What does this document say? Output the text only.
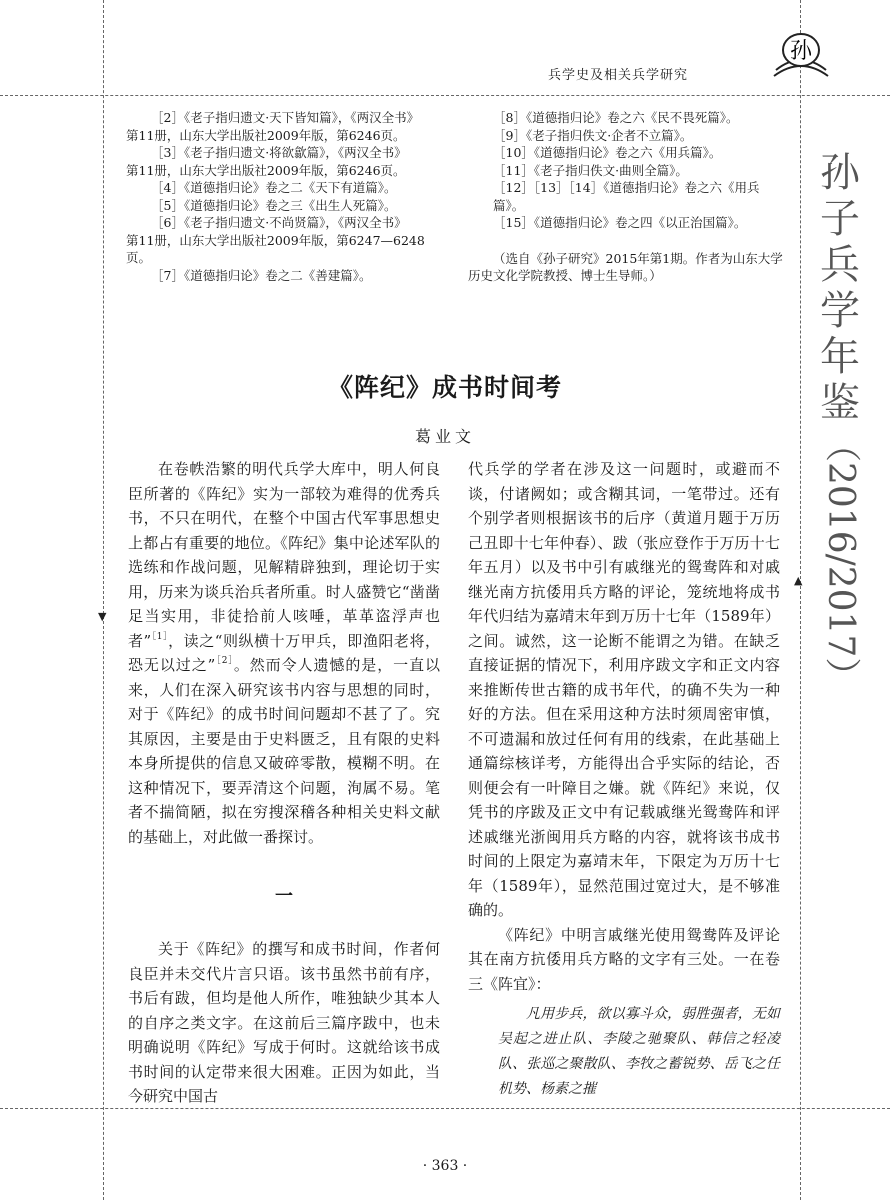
兵学史及相关兵学研究
孙
孙
子
兵
学
年
鉴
（2016/2017）
▼
▲

［2］《老子指归遗文·天下皆知篇》，《两汉全书》

第11册，山东大学出版社2009年版，第6246页。

［3］《老子指归遗文·将欲歙篇》，《两汉全书》

第11册，山东大学出版社2009年版，第6246页。

［4］《道德指归论》卷之二《天下有道篇》。

［5］《道德指归论》卷之三《出生人死篇》。

［6］《老子指归遗文·不尚贤篇》，《两汉全书》

第11册，山东大学出版社2009年版，第6247—6248页。

［7］《道德指归论》卷之二《善建篇》。

［8］《道德指归论》卷之六《民不畏死篇》。

［9］《老子指归佚文·企者不立篇》。

［10］《道德指归论》卷之六《用兵篇》。

［11］《老子指归佚文·曲则全篇》。

［12］［13］［14］《道德指归论》卷之六《用兵篇》。

［15］《道德指归论》卷之四《以正治国篇》。

（选自《孙子研究》2015年第1期。作者为山东大学历史文化学院教授、博士生导师。）

《阵纪》成书时间考
葛业文

在卷帙浩繁的明代兵学大库中，明人何良臣所著的《阵纪》实为一部较为难得的优秀兵书，不只在明代，在整个中国古代军事思想史上都占有重要的地位。《阵纪》集中论述军队的选练和作战问题，见解精辟独到，理论切于实用，历来为谈兵治兵者所重。时人盛赞它“凿凿足当实用，非徒拾前人咳唾，革革盗浮声也者”$^{[1]}$，读之“则纵横十万甲兵，即渔阳老将，恐无以过之”$^{[2]}$。然而令人遗憾的是，一直以来，人们在深入研究该书内容与思想的同时，对于《阵纪》的成书时间问题却不甚了了。究其原因，主要是由于史料匮乏，且有限的史料本身所提供的信息又破碎零散，模糊不明。在这种情况下，要弄清这个问题，洵属不易。笔者不揣简陋，拟在穷搜深稽各种相关史料文献的基础上，对此做一番探讨。

一

关于《阵纪》的撰写和成书时间，作者何良臣并未交代片言只语。该书虽然书前有序，书后有跋，但均是他人所作，唯独缺少其本人的自序之类文字。在这前后三篇序跋中，也未明确说明《阵纪》写成于何时。这就给该书成书时间的认定带来很大困难。正因为如此，当今研究中国古

代兵学的学者在涉及这一问题时，或避而不谈，付诸阙如；或含糊其词，一笔带过。还有个别学者则根据该书的后序（黄道月题于万历己丑即十七年仲春）、跋（张应登作于万历十七年五月）以及书中引有戚继光的鸳鸯阵和对戚继光南方抗倭用兵方略的评论，笼统地将成书年代归结为嘉靖末年到万历十七年（1589年）之间。诚然，这一论断不能谓之为错。在缺乏直接证据的情况下，利用序跋文字和正文内容来推断传世古籍的成书年代，的确不失为一种好的方法。但在采用这种方法时须周密审慎，不可遗漏和放过任何有用的线索，在此基础上通篇综核详考，方能得出合乎实际的结论，否则便会有一叶障目之嫌。就《阵纪》来说，仅凭书的序跋及正文中有记载戚继光鸳鸯阵和评述戚继光浙闽用兵方略的内容，就将该书成书时间的上限定为嘉靖末年，下限定为万历十七年（1589年），显然范围过宽过大，是不够准确的。

《阵纪》中明言戚继光使用鸳鸯阵及评论其在南方抗倭用兵方略的文字有三处。一在卷三《阵宜》：

凡用步兵，欲以寡斗众，弱胜强者，无如吴起之进止队、李陵之驰聚队、韩信之轻凌队、张巡之聚散队、李牧之蓄锐势、岳飞之任机势、杨素之摧

· 363 ·
